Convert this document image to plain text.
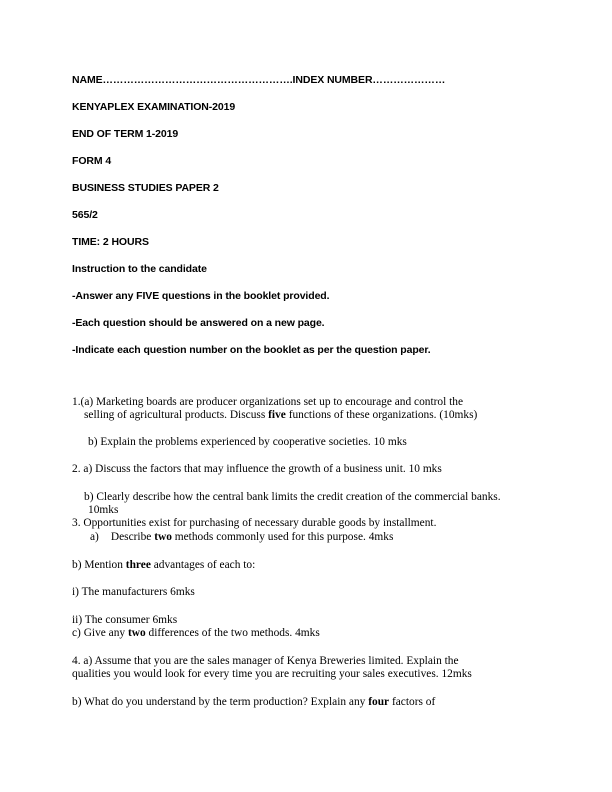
NAME……………………………………………….INDEX NUMBER…………………
KENYAPLEX EXAMINATION-2019
END OF TERM 1-2019
FORM 4
BUSINESS STUDIES PAPER 2
565/2
TIME: 2 HOURS
Instruction to the candidate
-Answer any FIVE questions in the booklet provided.
-Each question should be answered on a new page.
-Indicate each question number on the booklet as per the question paper.
1.(a) Marketing boards are producer organizations set up to encourage and control the
selling of agricultural products. Discuss five functions of these organizations. (10mks)
b) Explain the problems experienced by cooperative societies. 10 mks
2. a) Discuss the factors that may influence the growth of a business unit. 10 mks
b) Clearly describe how the central bank limits the credit creation of the commercial banks.
10mks
3. Opportunities exist for purchasing of necessary durable goods by installment.
a) Describe two methods commonly used for this purpose. 4mks
b) Mention three advantages of each to:
i) The manufacturers 6mks
ii) The consumer 6mks
c) Give any two differences of the two methods. 4mks
4. a) Assume that you are the sales manager of Kenya Breweries limited. Explain the
qualities you would look for every time you are recruiting your sales executives. 12mks
b) What do you understand by the term production? Explain any four factors of
